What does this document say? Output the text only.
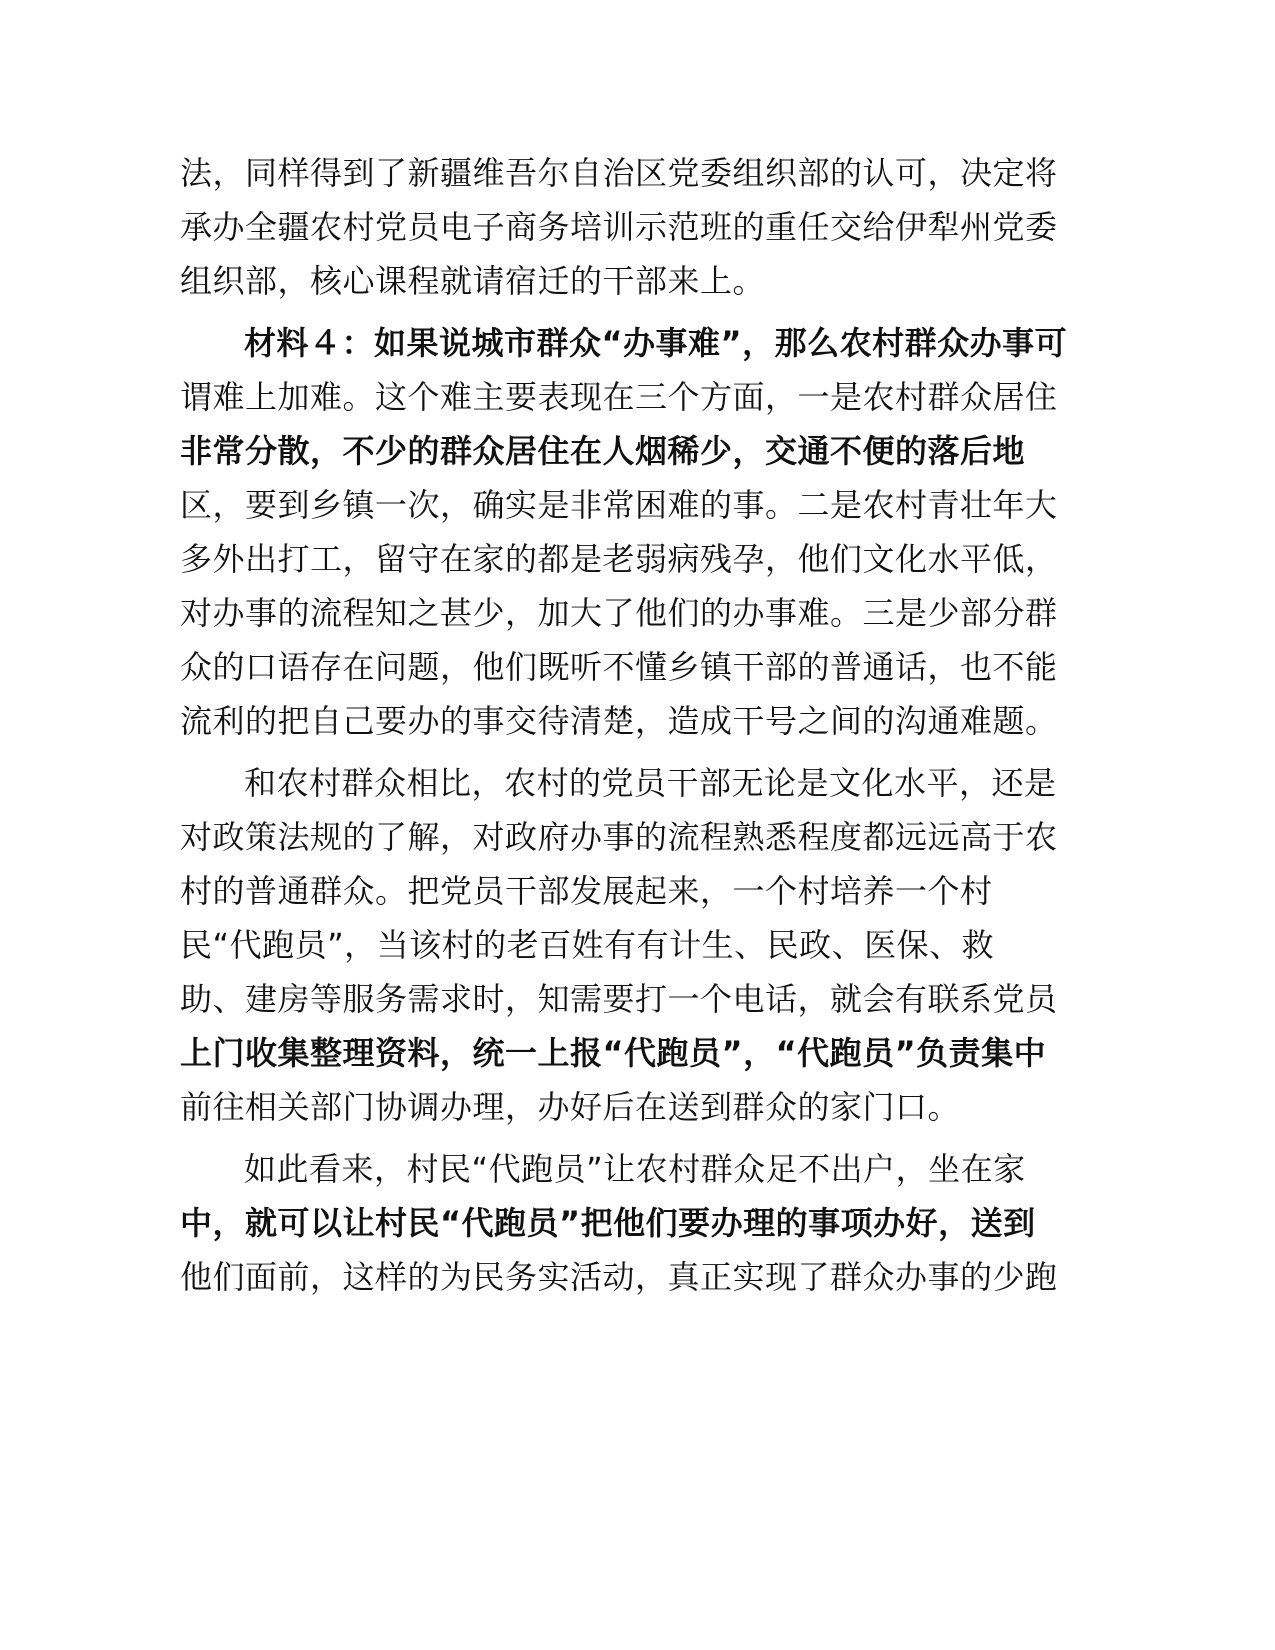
法，同样得到了新疆维吾尔自治区党委组织部的认可，决定将
承办全疆农村党员电子商务培训示范班的重任交给伊犁州党委
组织部，核心课程就请宿迁的干部来上。
材料４：如果说城市群众“办事难”，那么农村群众办事可
谓难上加难。这个难主要表现在三个方面，一是农村群众居住
非常分散，不少的群众居住在人烟稀少，交通不便的落后地
区，要到乡镇一次，确实是非常困难的事。二是农村青壮年大
多外出打工，留守在家的都是老弱病残孕，他们文化水平低，
对办事的流程知之甚少，加大了他们的办事难。三是少部分群
众的口语存在问题，他们既听不懂乡镇干部的普通话，也不能
流利的把自己要办的事交待清楚，造成干号之间的沟通难题。
和农村群众相比，农村的党员干部无论是文化水平，还是
对政策法规的了解，对政府办事的流程熟悉程度都远远高于农
村的普通群众。把党员干部发展起来，一个村培养一个村
民“代跑员”，当该村的老百姓有有计生、民政、医保、救
助、建房等服务需求时，知需要打一个电话，就会有联系党员
上门收集整理资料，统一上报“代跑员”，“代跑员”负责集中
前往相关部门协调办理，办好后在送到群众的家门口。
如此看来，村民“代跑员”让农村群众足不出户，坐在家
中，就可以让村民“代跑员”把他们要办理的事项办好，送到
他们面前，这样的为民务实活动，真正实现了群众办事的少跑
